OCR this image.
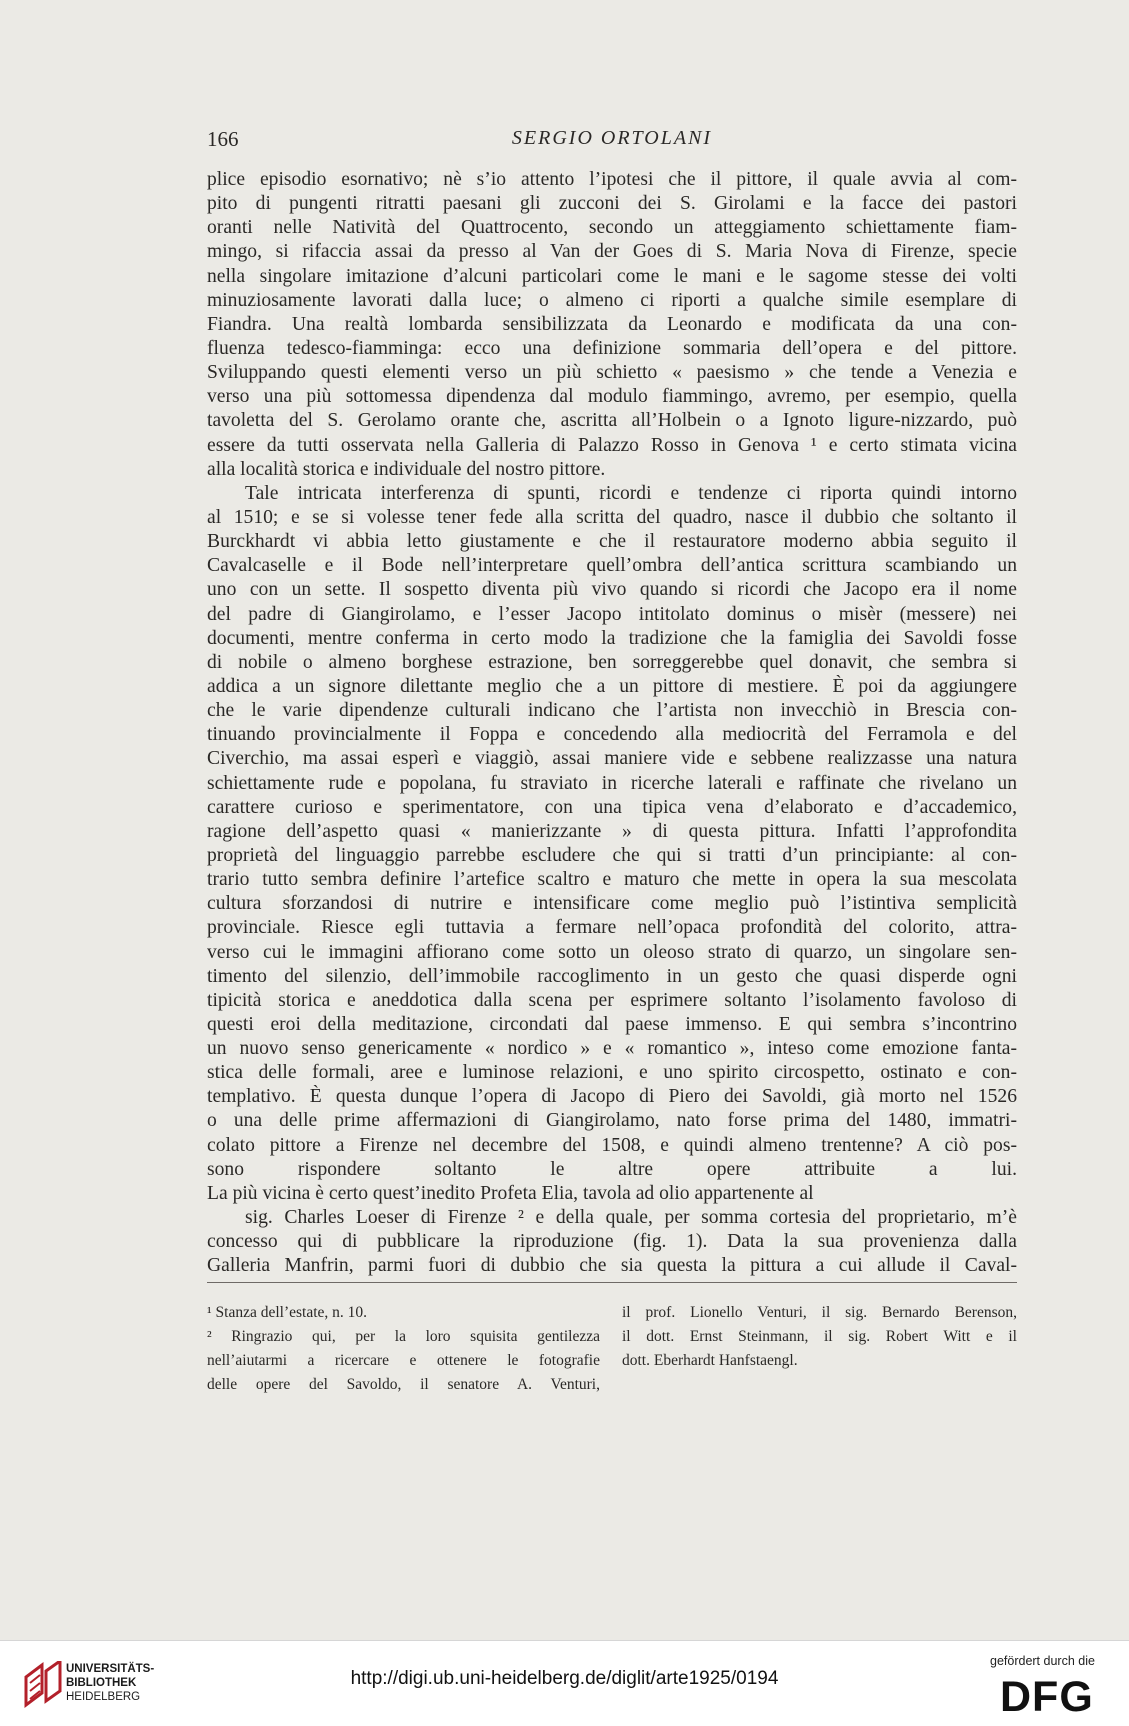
166	SERGIO ORTOLANI
plice episodio esornativo; nè s’io attento l’ipotesi che il pittore, il quale avvia al com-
pito di pungenti ritratti paesani gli zucconi dei S. Girolami e la facce dei pastori
oranti nelle Natività del Quattrocento, secondo un atteggiamento schiettamente fiam-
mingo, si rifaccia assai da presso al Van der Goes di S. Maria Nova di Firenze, specie
nella singolare imitazione d’alcuni particolari come le mani e le sagome stesse dei volti
minuziosamente lavorati dalla luce; o almeno ci riporti a qualche simile esemplare di
Fiandra. Una realtà lombarda sensibilizzata da Leonardo e modificata da una con-
fluenza tedesco-fiamminga: ecco una definizione sommaria dell’opera e del pittore.
Sviluppando questi elementi verso un più schietto « paesismo » che tende a Venezia e
verso una più sottomessa dipendenza dal modulo fiammingo, avremo, per esempio, quella
tavoletta del S. Gerolamo orante che, ascritta all’Holbein o a Ignoto ligure-nizzardo, può
essere da tutti osservata nella Galleria di Palazzo Rosso in Genova ¹ e certo stimata vicina
alla località storica e individuale del nostro pittore.
Tale intricata interferenza di spunti, ricordi e tendenze ci riporta quindi intorno
al 1510; e se si volesse tener fede alla scritta del quadro, nasce il dubbio che soltanto il
Burckhardt vi abbia letto giustamente e che il restauratore moderno abbia seguito il
Cavalcaselle e il Bode nell’interpretare quell’ombra dell’antica scrittura scambiando un
uno con un sette. Il sospetto diventa più vivo quando si ricordi che Jacopo era il nome
del padre di Giangirolamo, e l’esser Jacopo intitolato dominus o misèr (messere) nei
documenti, mentre conferma in certo modo la tradizione che la famiglia dei Savoldi fosse
di nobile o almeno borghese estrazione, ben sorreggerebbe quel donavit, che sembra si
addica a un signore dilettante meglio che a un pittore di mestiere. È poi da aggiungere
che le varie dipendenze culturali indicano che l’artista non invecchiò in Brescia con-
tinuando provincialmente il Foppa e concedendo alla mediocrità del Ferramola e del
Civerchio, ma assai esperì e viaggiò, assai maniere vide e sebbene realizzasse una natura
schiettamente rude e popolana, fu straviato in ricerche laterali e raffinate che rivelano un
carattere curioso e sperimentatore, con una tipica vena d’elaborato e d’accademico,
ragione dell’aspetto quasi « manierizzante » di questa pittura. Infatti l’approfondita
proprietà del linguaggio parrebbe escludere che qui si tratti d’un principiante: al con-
trario tutto sembra definire l’artefice scaltro e maturo che mette in opera la sua mescolata
cultura sforzandosi di nutrire e intensificare come meglio può l’istintiva semplicità
provinciale. Riesce egli tuttavia a fermare nell’opaca profondità del colorito, attra-
verso cui le immagini affiorano come sotto un oleoso strato di quarzo, un singolare sen-
timento del silenzio, dell’immobile raccoglimento in un gesto che quasi disperde ogni
tipicità storica e aneddotica dalla scena per esprimere soltanto l’isolamento favoloso di
questi eroi della meditazione, circondati dal paese immenso. E qui sembra s’incontrino
un nuovo senso genericamente « nordico » e « romantico », inteso come emozione fanta-
stica delle formali, aree e luminose relazioni, e uno spirito circospetto, ostinato e con-
templativo. È questa dunque l’opera di Jacopo di Piero dei Savoldi, già morto nel 1526
o una delle prime affermazioni di Giangirolamo, nato forse prima del 1480, immatri-
colato pittore a Firenze nel decembre del 1508, e quindi almeno trentenne? A ciò pos-
sono rispondere soltanto le altre opere attribuite a lui.
La più vicina è certo quest’inedito Profeta Elia, tavola ad olio appartenente al
sig. Charles Loeser di Firenze ² e della quale, per somma cortesia del proprietario, m’è
concesso qui di pubblicare la riproduzione (fig. 1). Data la sua provenienza dalla
Galleria Manfrin, parmi fuori di dubbio che sia questa la pittura a cui allude il Caval-
¹ Stanza dell’estate, n. 10.
² Ringrazio qui, per la loro squisita gentilezza
nell’aiutarmi a ricercare e ottenere le fotografie
delle opere del Savoldo, il senatore A. Venturi,
il prof. Lionello Venturi, il sig. Bernardo Berenson,
il dott. Ernst Steinmann, il sig. Robert Witt e il
dott. Eberhardt Hanfstaengl.
UNIVERSITÄTS-
BIBLIOTHEK
HEIDELBERG
http://digi.ub.uni-heidelberg.de/diglit/arte1925/0194
gefördert durch die
DFG
